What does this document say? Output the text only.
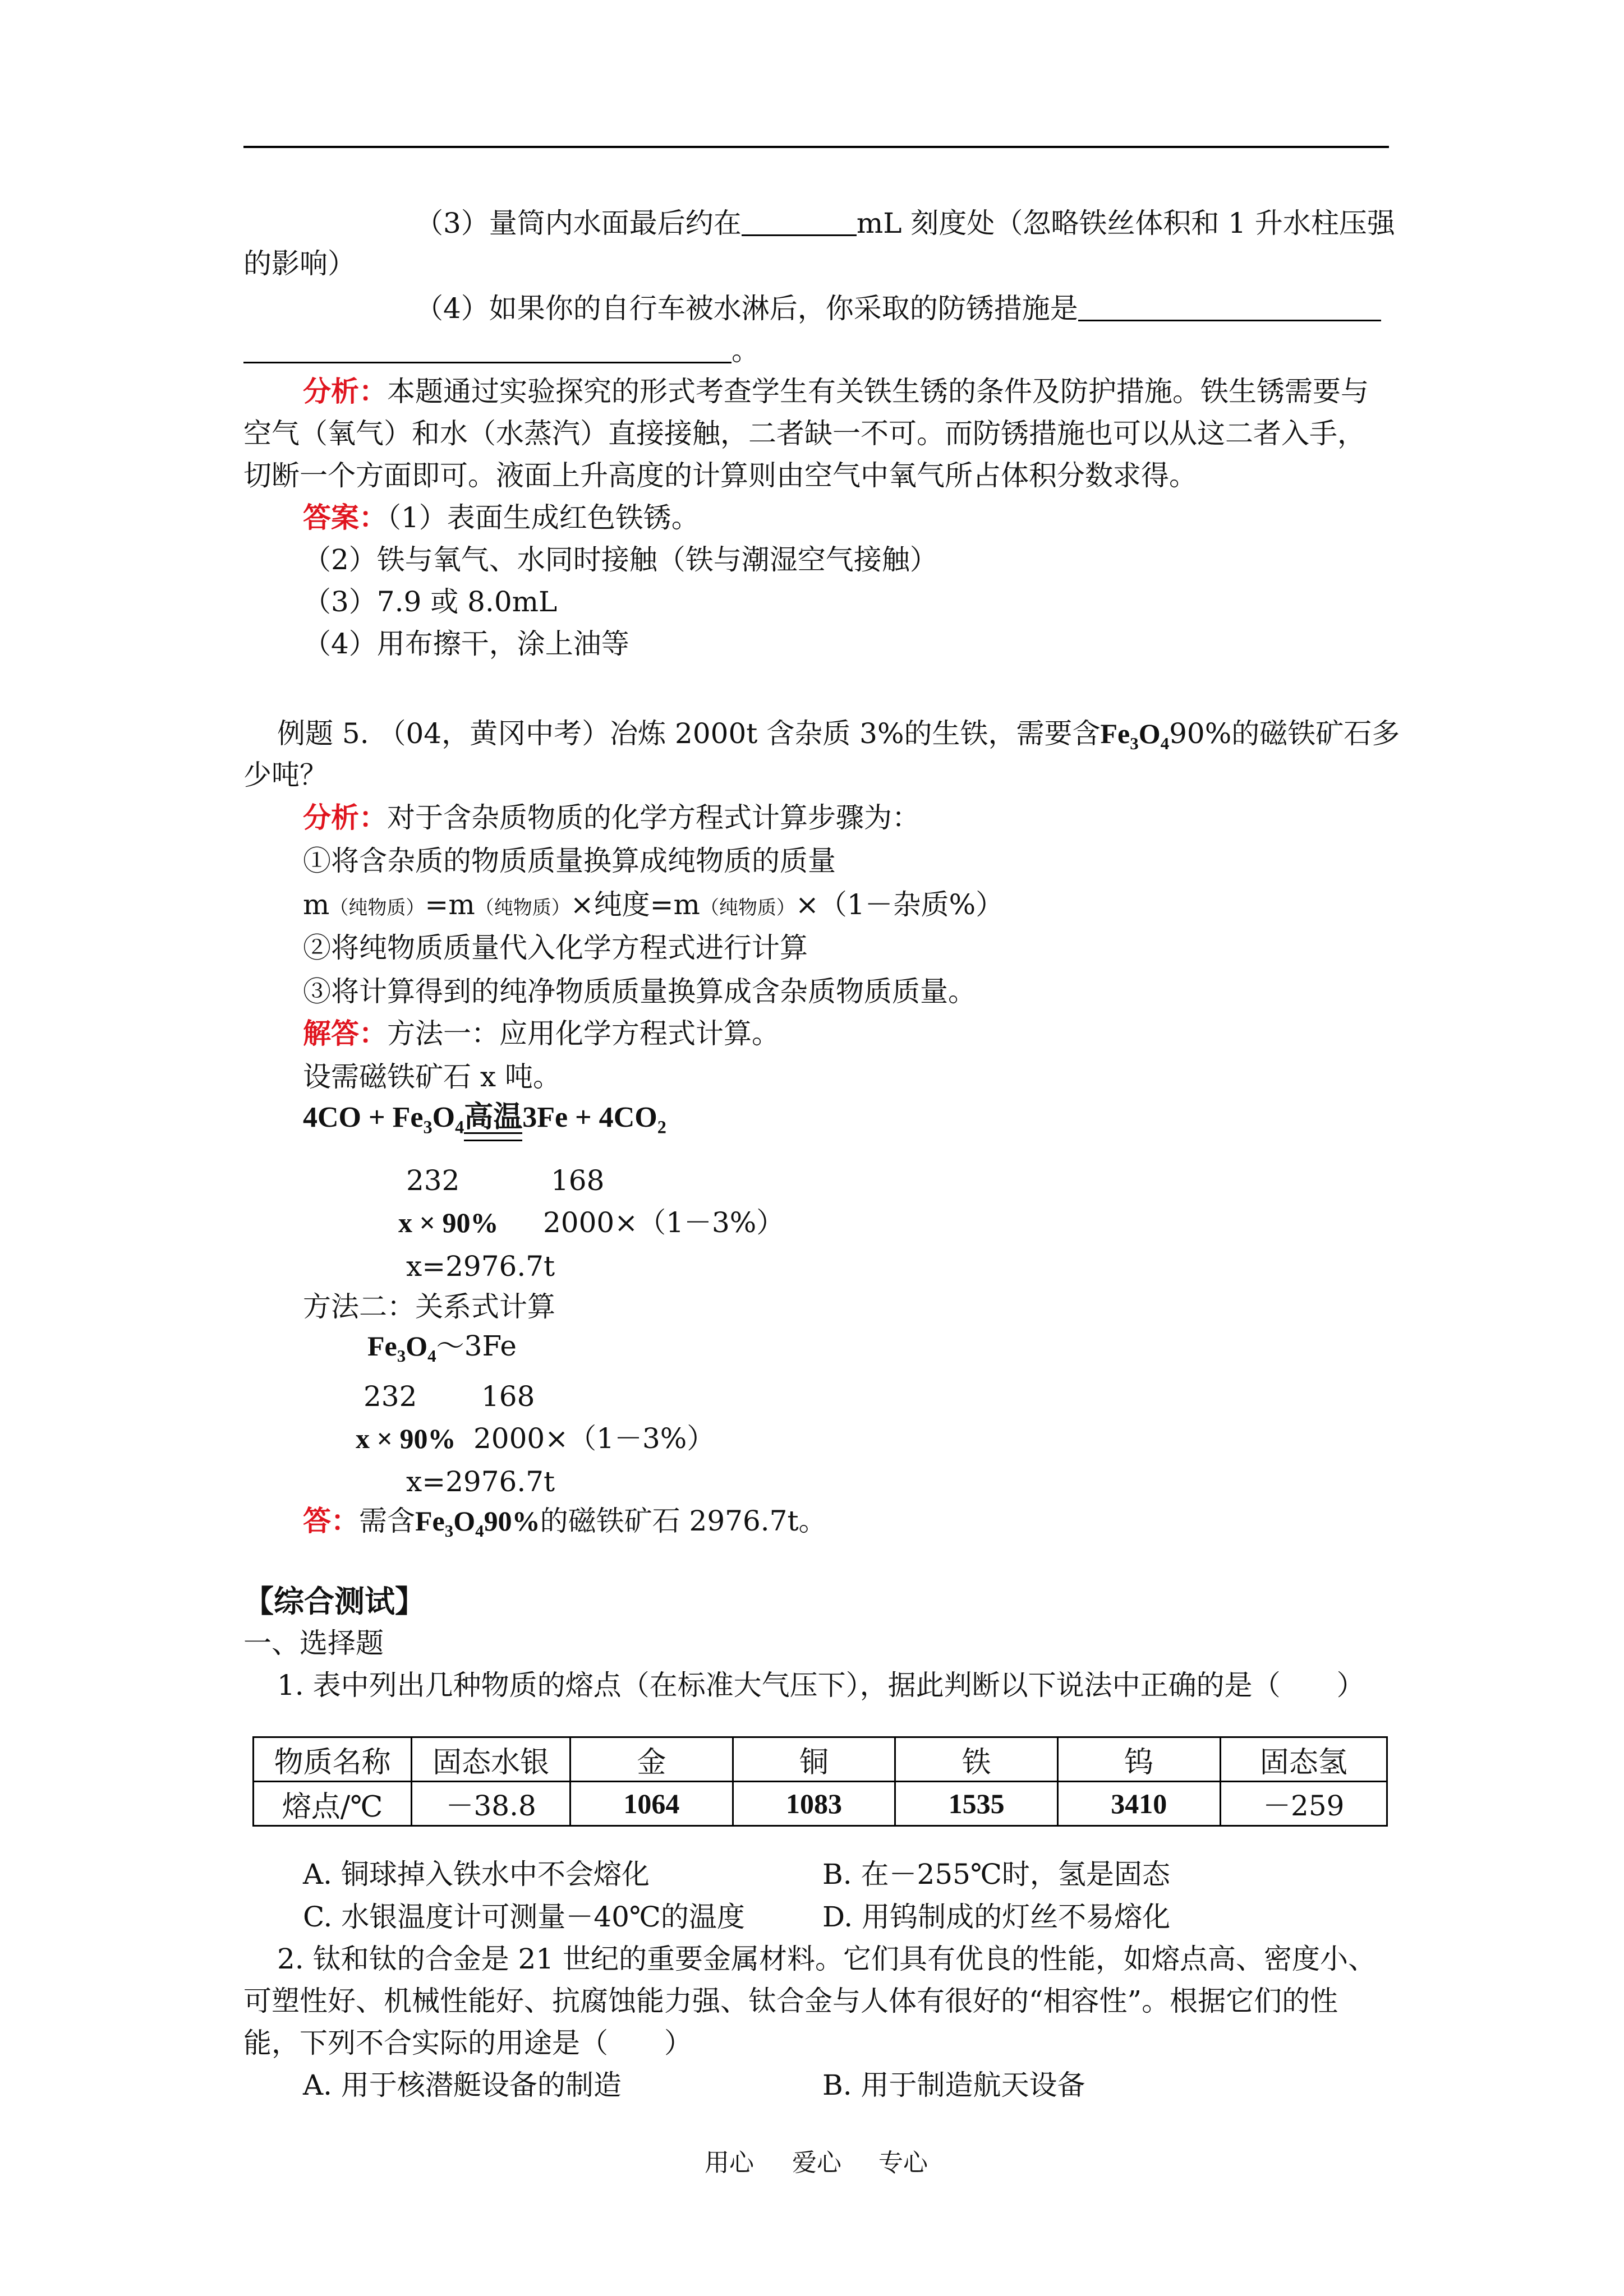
（3）量筒内水面最后约在	mL 刻度处（忽略铁丝体积和 1 升水柱压强
的影响）
（4）如果你的自行车被水淋后，你采取的防锈措施是
。
分析：本题通过实验探究的形式考查学生有关铁生锈的条件及防护措施。铁生锈需要与
空气（氧气）和水（水蒸汽）直接接触，二者缺一不可。而防锈措施也可以从这二者入手，
切断一个方面即可。液面上升高度的计算则由空气中氧气所占体积分数求得。
答案：（1）表面生成红色铁锈。
（2）铁与氧气、水同时接触（铁与潮湿空气接触）
（3）7.9 或 8.0mL
（4）用布擦干，涂上油等
例题 5. （04，黄冈中考）冶炼 2000t 含杂质 3%的生铁，需要含$Fe_3O_490\%$的磁铁矿石多
少吨？
分析：对于含杂质物质的化学方程式计算步骤为：
①将含杂质的物质质量换算成纯物质的质量
m（纯物质）=m（纯物质）×纯度=m（纯物质）×（1－杂质%）
②将纯物质质量代入化学方程式进行计算
③将计算得到的纯净物质质量换算成含杂质物质质量。
解答：方法一：应用化学方程式计算。
设需磁铁矿石 x 吨。
$4CO + Fe_3O_4$高温$3Fe + 4CO_2$
232	168
x × 90% 2000×（1－3%）
x=2976.7t
方法二：关系式计算
$Fe_3O_4\sim 3Fe$
232 168
x × 90% 2000×（1－3%）
x=2976.7t
答：需含$Fe_3O_490\%$的磁铁矿石 2976.7t。
【综合测试】
一、选择题
1. 表中列出几种物质的熔点（在标准大气压下），据此判断以下说法中正确的是（　　）
物质名称	固态水银	金	铜	铁	钨	固态氢
熔点/℃	－38.8	1064	1083	1535	3410	－259
A. 铜球掉入铁水中不会熔化	B. 在－255℃时，氢是固态
C. 水银温度计可测量－40℃的温度	D. 用钨制成的灯丝不易熔化
2. 钛和钛的合金是 21 世纪的重要金属材料。它们具有优良的性能，如熔点高、密度小、
可塑性好、机械性能好、抗腐蚀能力强、钛合金与人体有很好的“相容性”。根据它们的性
能，下列不合实际的用途是（　　）
A. 用于核潜艇设备的制造	B. 用于制造航天设备
用心 爱心 专心
